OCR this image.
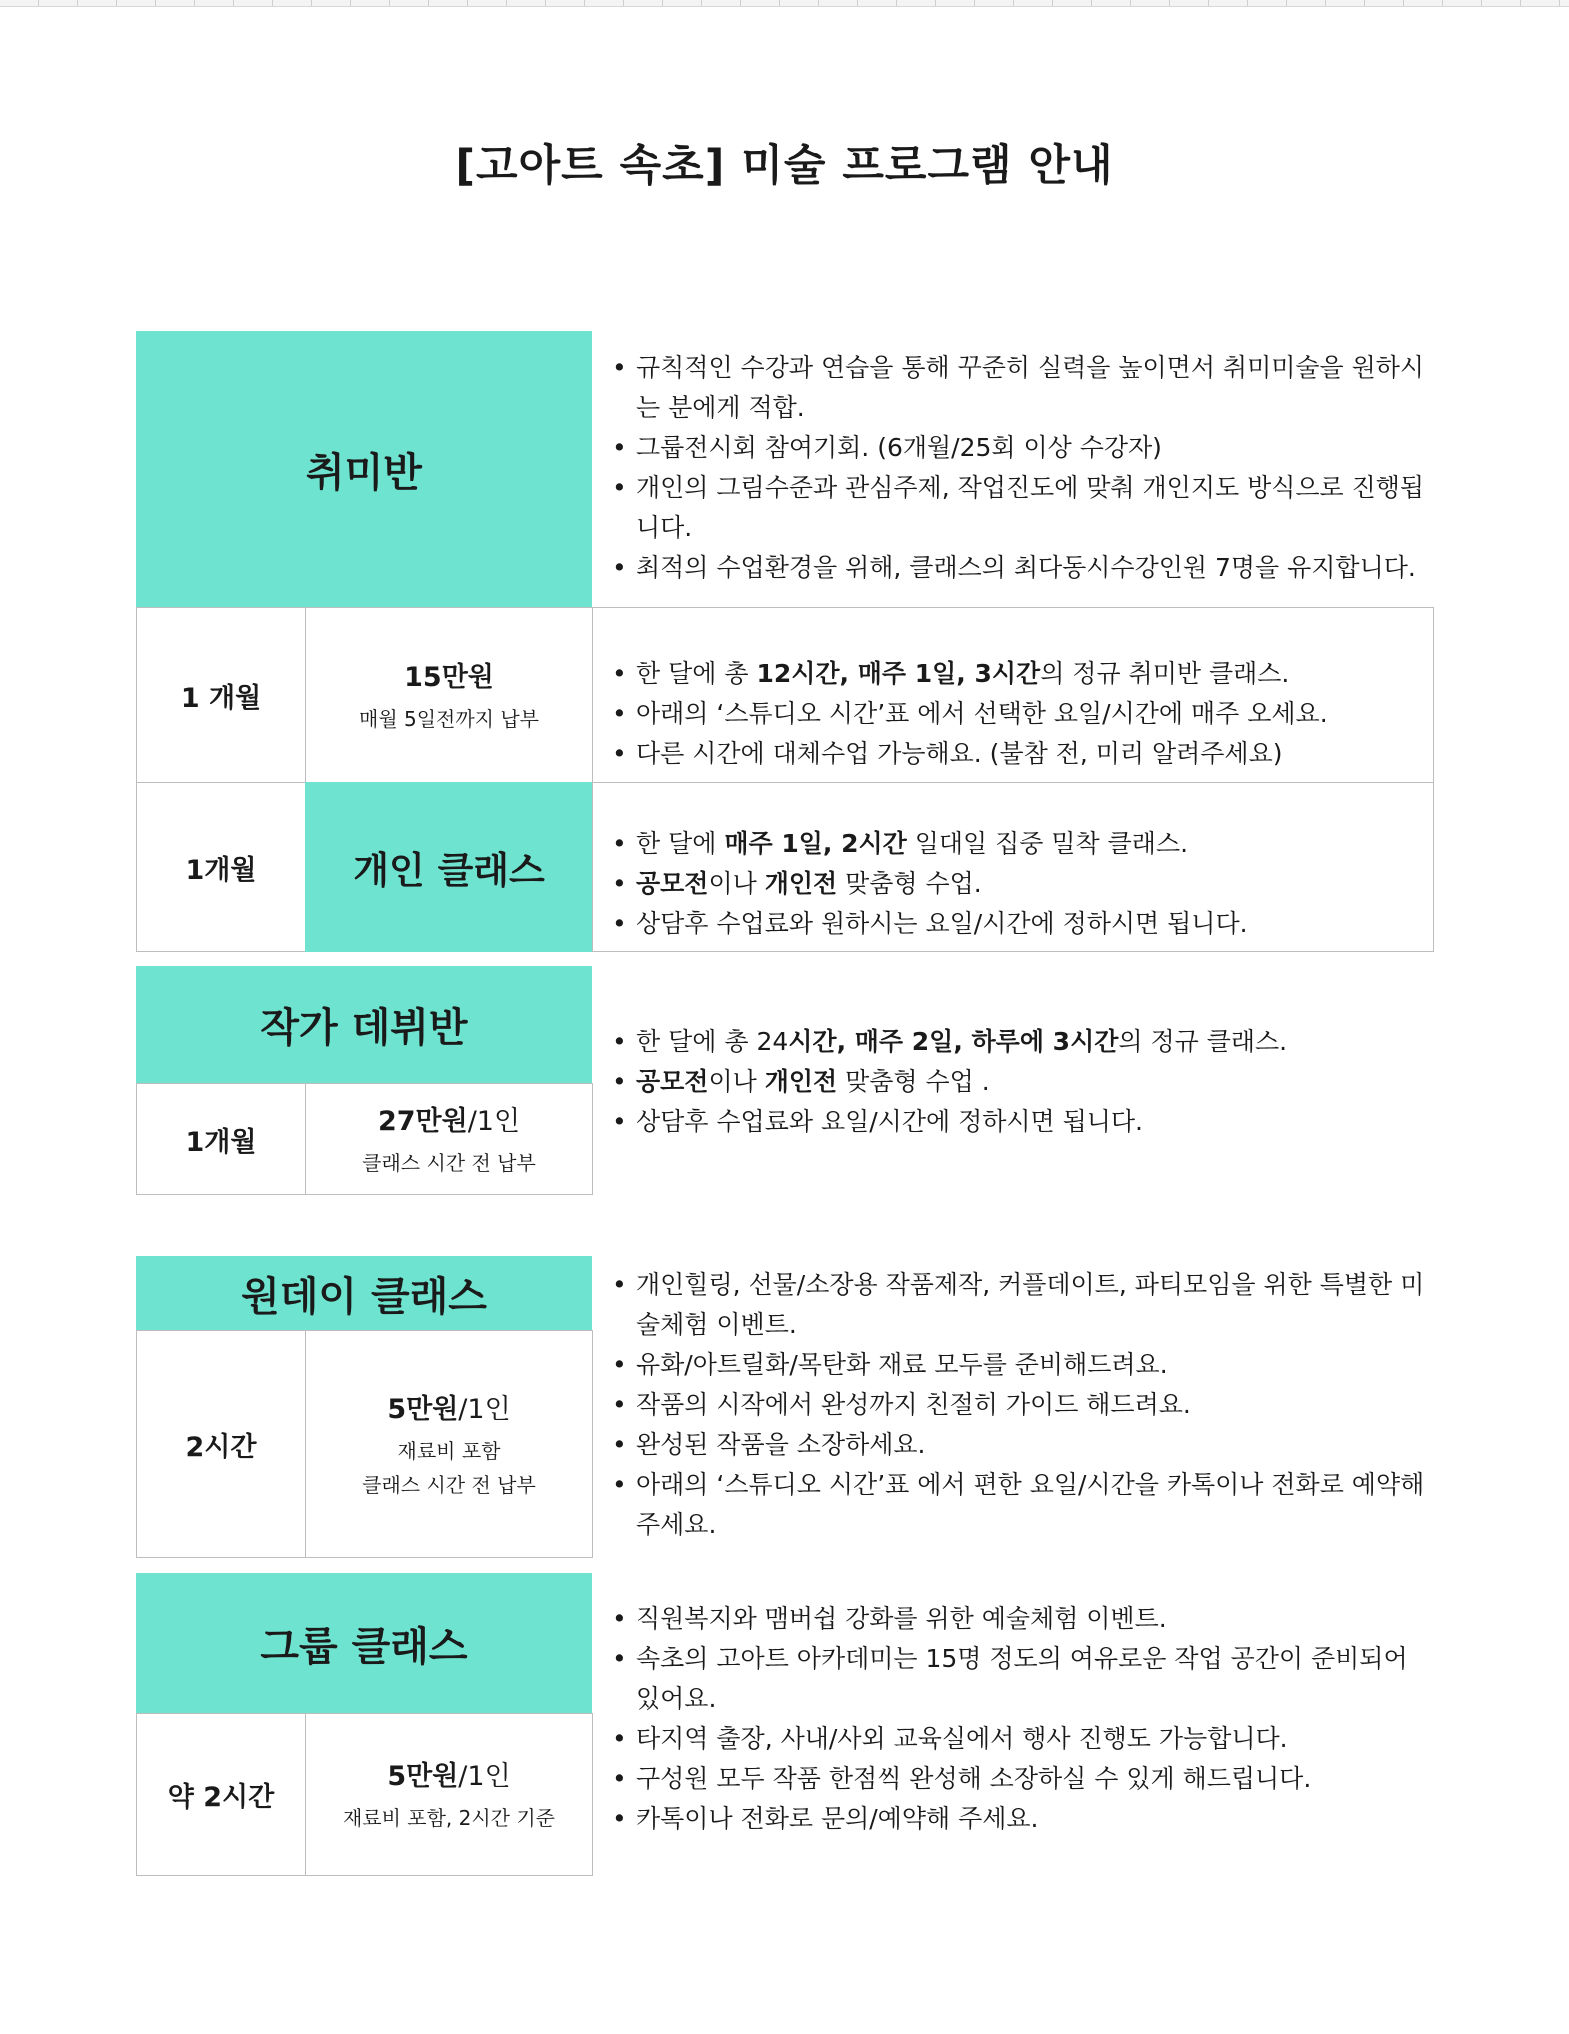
[고아트 속초] 미술 프로그램 안내
취미반
• 규칙적인 수강과 연습을 통해 꾸준히 실력을 높이면서 취미미술을 원하시는 분에게 적합.
• 그룹전시회 참여기회. (6개월/25회 이상 수강자)
• 개인의 그림수준과 관심주제, 작업진도에 맞춰 개인지도 방식으로 진행됩니다.
• 최적의 수업환경을 위해, 클래스의 최다동시수강인원 7명을 유지합니다.
1 개월
15만원
매월 5일전까지 납부
• 한 달에 총 12시간, 매주 1일, 3시간의 정규 취미반 클래스.
• 아래의 ‘스튜디오 시간’표 에서 선택한 요일/시간에 매주 오세요.
• 다른 시간에 대체수업 가능해요. (불참 전, 미리 알려주세요)
1개월	개인 클래스
• 한 달에 매주 1일, 2시간 일대일 집중 밀착 클래스.
• 공모전이나 개인전 맞춤형 수업.
• 상담후 수업료와 원하시는 요일/시간에 정하시면 됩니다.
작가 데뷔반
1개월
27만원/1인
클래스 시간 전 납부
• 한 달에 총 24시간, 매주 2일, 하루에 3시간의 정규 클래스.
• 공모전이나 개인전 맞춤형 수업 .
• 상담후 수업료와 요일/시간에 정하시면 됩니다.
원데이 클래스
2시간
5만원/1인
재료비 포함
클래스 시간 전 납부
• 개인힐링, 선물/소장용 작품제작, 커플데이트, 파티모임을 위한 특별한 미술체험 이벤트.
• 유화/아트릴화/목탄화 재료 모두를 준비해드려요.
• 작품의 시작에서 완성까지 친절히 가이드 해드려요.
• 완성된 작품을 소장하세요.
• 아래의 ‘스튜디오 시간’표 에서 편한 요일/시간을 카톡이나 전화로 예약해 주세요.
그룹 클래스
약 2시간
5만원/1인
재료비 포함, 2시간 기준
• 직원복지와 맴버쉽 강화를 위한 예술체험 이벤트.
• 속초의 고아트 아카데미는 15명 정도의 여유로운 작업 공간이 준비되어 있어요.
• 타지역 출장, 사내/사외 교육실에서 행사 진행도 가능합니다.
• 구성원 모두 작품 한점씩 완성해 소장하실 수 있게 해드립니다.
• 카톡이나 전화로 문의/예약해 주세요.
